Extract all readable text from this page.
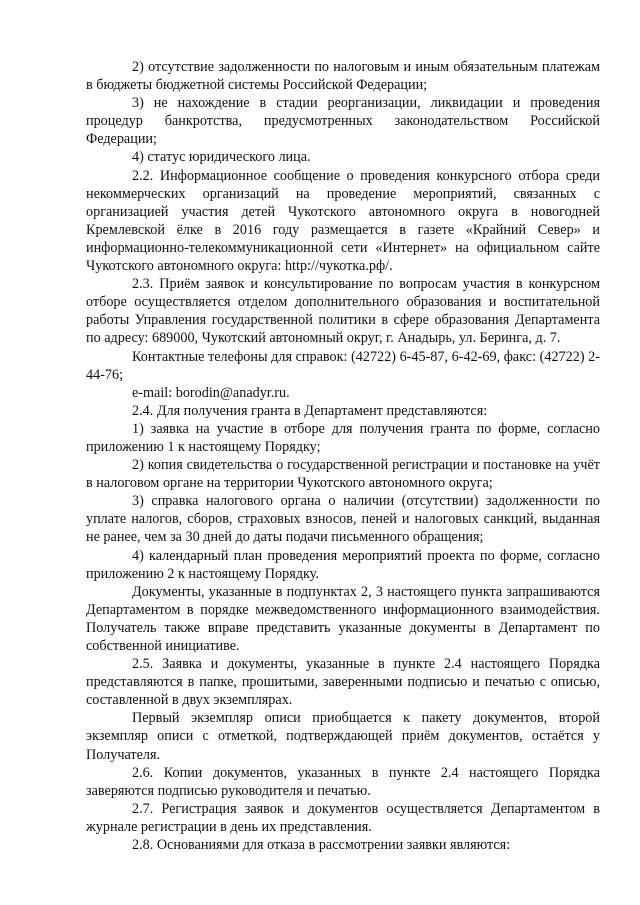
2) отсутствие задолженности по налоговым и иным обязательным платежам в бюджеты бюджетной системы Российской Федерации;

3) не нахождение в стадии реорганизации, ликвидации и проведения процедур банкротства, предусмотренных законодательством Российской Федерации;

4) статус юридического лица.

2.2. Информационное сообщение о проведения конкурсного отбора среди некоммерческих организаций на проведение мероприятий, связанных с организацией участия детей Чукотского автономного округа в новогодней Кремлевской ёлке в 2016 году размещается в газете «Крайний Север» и информационно-телекоммуникационной сети «Интернет» на официальном сайте Чукотского автономного округа: http://чукотка.рф/.

2.3. Приём заявок и консультирование по вопросам участия в конкурсном отборе осуществляется отделом дополнительного образования и воспитательной работы Управления государственной политики в сфере образования Департамента по адресу: 689000, Чукотский автономный округ, г. Анадырь, ул. Беринга, д. 7.

Контактные телефоны для справок: (42722) 6-45-87, 6-42-69, факс: (42722) 2-44-76;

e-mail: borodin@anadyr.ru.

2.4. Для получения гранта в Департамент представляются:

1) заявка на участие в отборе для получения гранта по форме, согласно приложению 1 к настоящему Порядку;

2) копия свидетельства о государственной регистрации и постановке на учёт в налоговом органе на территории Чукотского автономного округа;

3) справка налогового органа о наличии (отсутствии) задолженности по уплате налогов, сборов, страховых взносов, пеней и налоговых санкций, выданная не ранее, чем за 30 дней до даты подачи письменного обращения;

4) календарный план проведения мероприятий проекта по форме, согласно приложению 2 к настоящему Порядку.

Документы, указанные в подпунктах 2, 3 настоящего пункта запрашиваются Департаментом в порядке межведомственного информационного взаимодействия. Получатель также вправе представить указанные документы в Департамент по собственной инициативе.

2.5. Заявка и документы, указанные в пункте 2.4 настоящего Порядка представляются в папке, прошитыми, заверенными подписью и печатью с описью, составленной в двух экземплярах.

Первый экземпляр описи приобщается к пакету документов, второй экземпляр описи с отметкой, подтверждающей приём документов, остаётся у Получателя.

2.6. Копии документов, указанных в пункте 2.4 настоящего Порядка заверяются подписью руководителя и печатью.

2.7. Регистрация заявок и документов осуществляется Департаментом в журнале регистрации в день их представления.

2.8. Основаниями для отказа в рассмотрении заявки являются:
